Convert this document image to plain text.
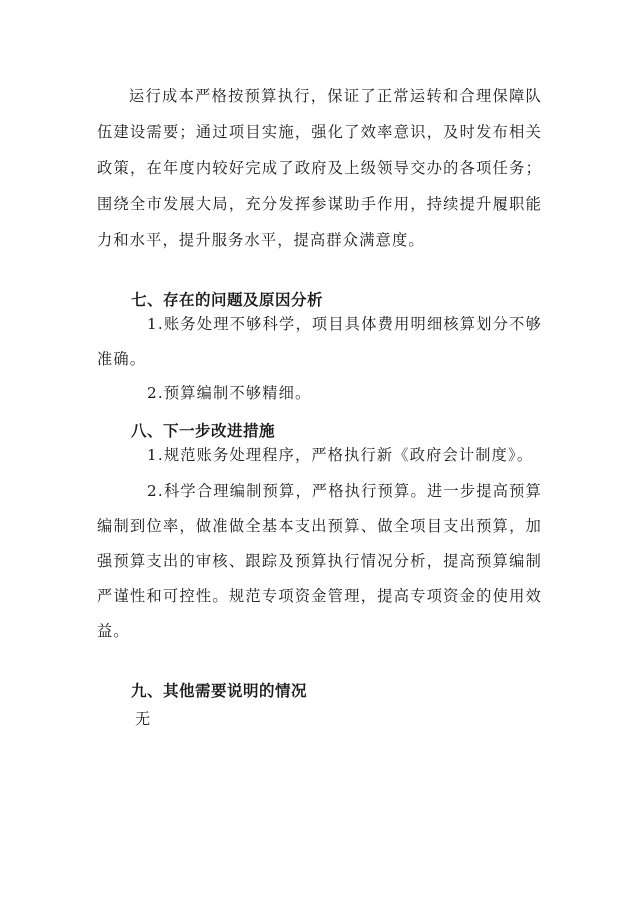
运行成本严格按预算执行，保证了正常运转和合理保障队伍建设需要；通过项目实施，强化了效率意识，及时发布相关政策，在年度内较好完成了政府及上级领导交办的各项任务；围绕全市发展大局，充分发挥参谋助手作用，持续提升履职能力和水平，提升服务水平，提高群众满意度。

七、存在的问题及原因分析

1.账务处理不够科学，项目具体费用明细核算划分不够准确。

2.预算编制不够精细。

八、下一步改进措施

1.规范账务处理程序，严格执行新《政府会计制度》。

2.科学合理编制预算，严格执行预算。进一步提高预算编制到位率，做准做全基本支出预算、做全项目支出预算，加强预算支出的审核、跟踪及预算执行情况分析，提高预算编制严谨性和可控性。规范专项资金管理，提高专项资金的使用效益。

九、其他需要说明的情况

无
